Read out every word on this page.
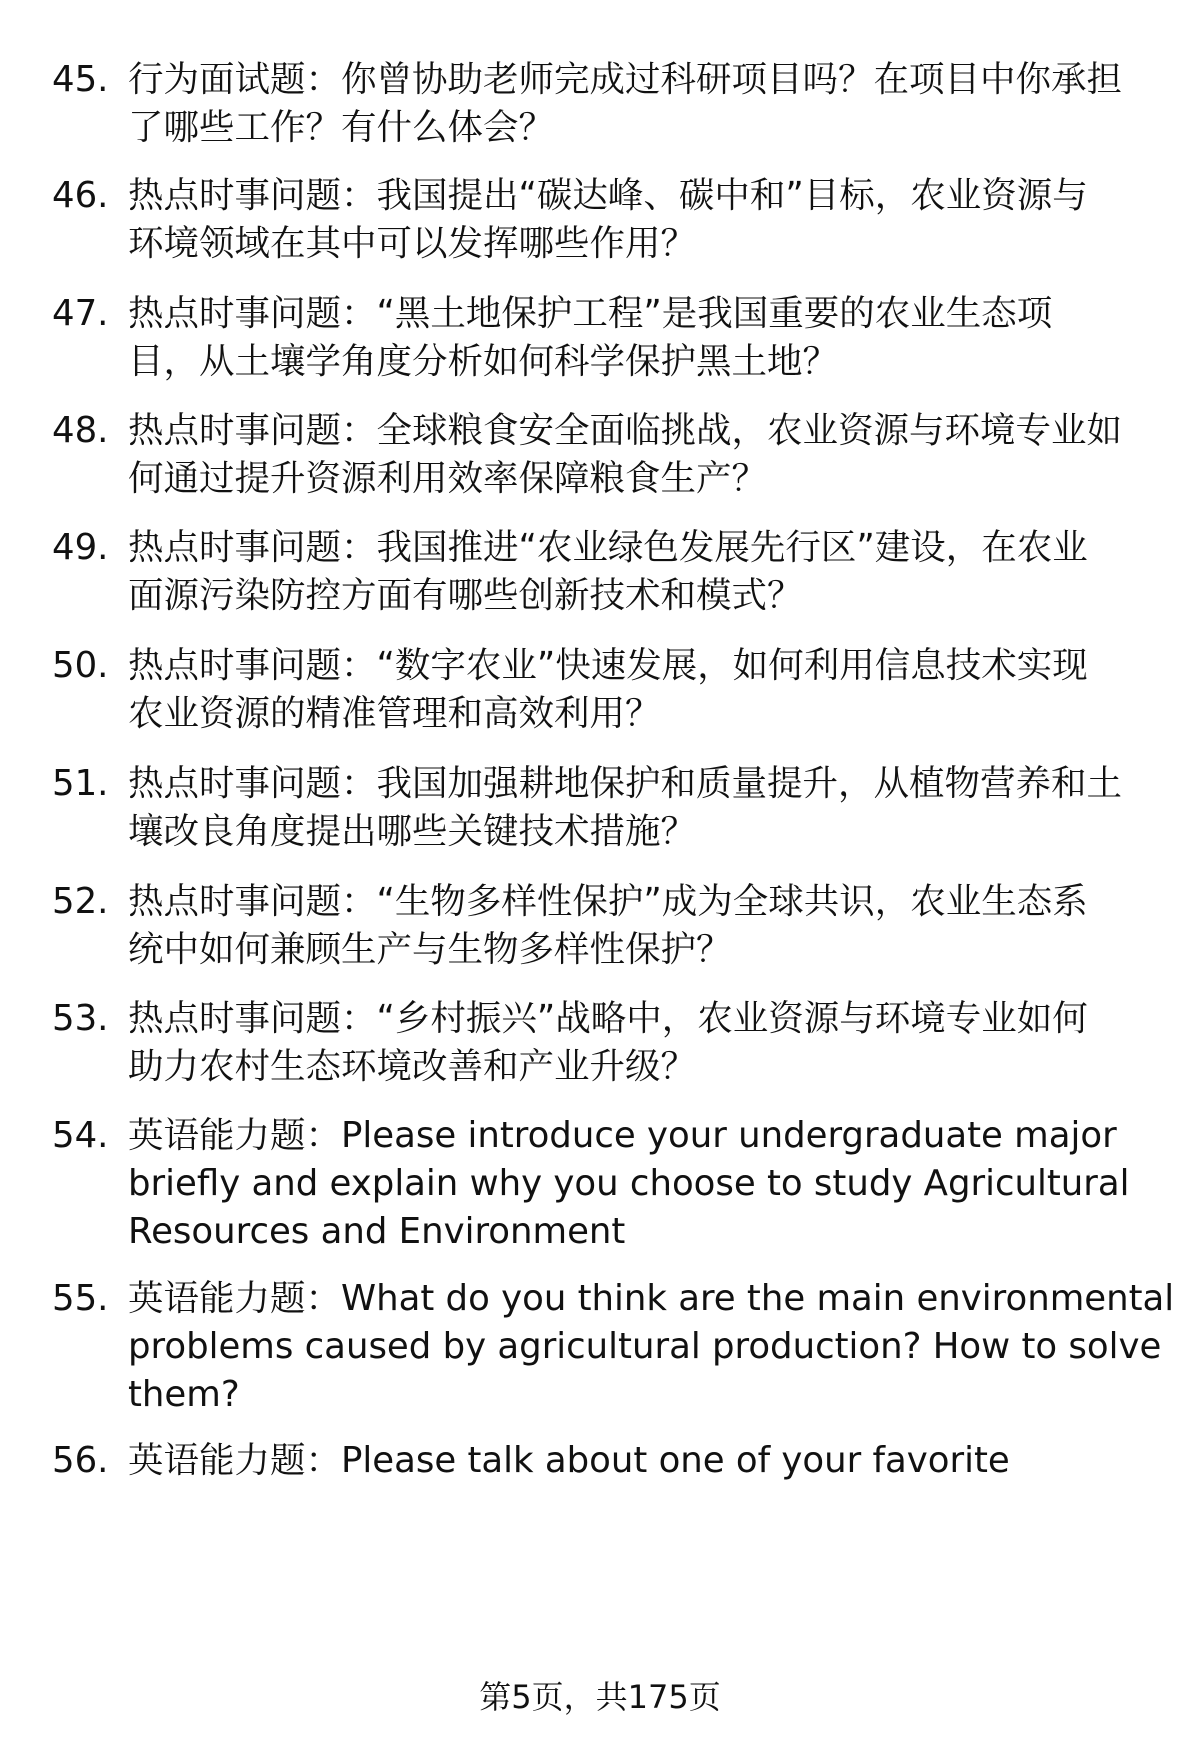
45. 行为面试题：你曾协助老师完成过科研项目吗？在项目中你承担
了哪些工作？有什么体会？
46. 热点时事问题：我国提出“碳达峰、碳中和”目标，农业资源与
环境领域在其中可以发挥哪些作用？
47. 热点时事问题：“黑土地保护工程”是我国重要的农业生态项
目，从土壤学角度分析如何科学保护黑土地？
48. 热点时事问题：全球粮食安全面临挑战，农业资源与环境专业如
何通过提升资源利用效率保障粮食生产？
49. 热点时事问题：我国推进“农业绿色发展先行区”建设，在农业
面源污染防控方面有哪些创新技术和模式？
50. 热点时事问题：“数字农业”快速发展，如何利用信息技术实现
农业资源的精准管理和高效利用？
51. 热点时事问题：我国加强耕地保护和质量提升，从植物营养和土
壤改良角度提出哪些关键技术措施？
52. 热点时事问题：“生物多样性保护”成为全球共识，农业生态系
统中如何兼顾生产与生物多样性保护？
53. 热点时事问题：“乡村振兴”战略中，农业资源与环境专业如何
助力农村生态环境改善和产业升级？
54. 英语能力题：Please introduce your undergraduate major
briefly and explain why you choose to study Agricultural
Resources and Environment
55. 英语能力题：What do you think are the main environmental
problems caused by agricultural production? How to solve
them?
56. 英语能力题：Please talk about one of your favorite
第5页，共175页
